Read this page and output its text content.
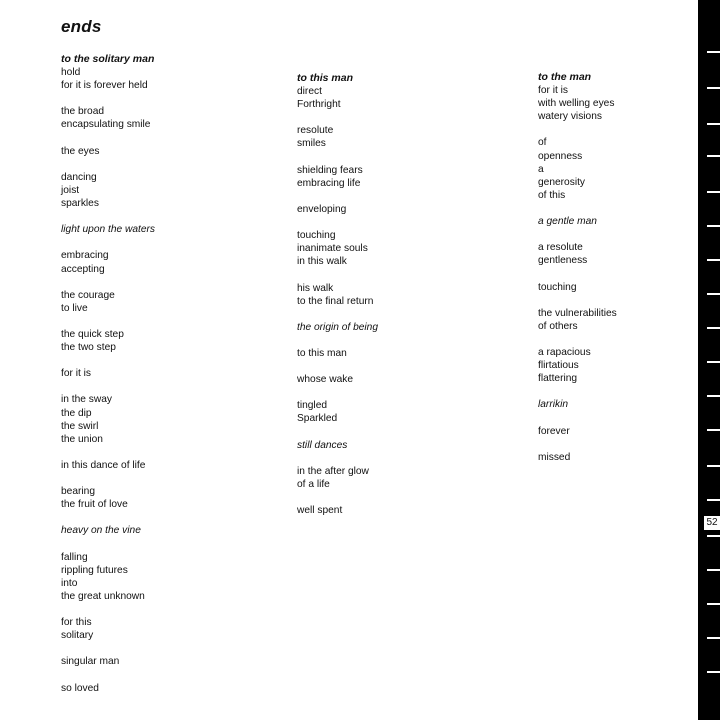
ends
to the solitary man
hold
for it is forever held
the broad
encapsulating smile
the eyes
dancing
joist
sparkles
light upon the waters
embracing
accepting
the courage
to live
the quick step
the two step
for it is
in the sway
the dip
the swirl
the union
in this dance of life
bearing
the fruit of love
heavy on the vine
falling
rippling futures
into
the great unknown
for this
solitary
singular man
so loved
to this man
direct
Forthright
resolute
smiles
shielding fears
embracing life
enveloping
touching
inanimate souls
in this walk
his walk
to the final return
the origin of being
to this man
whose wake
tingled
Sparkled
still dances
in the after glow
of a life
well spent
to the man
for it is
with welling eyes
watery visions
of
openness
a
generosity
of this
a gentle man
a resolute
gentleness
touching
the vulnerabilities
of others
a rapacious
flirtatious
flattering
larrikin
forever
missed
52
